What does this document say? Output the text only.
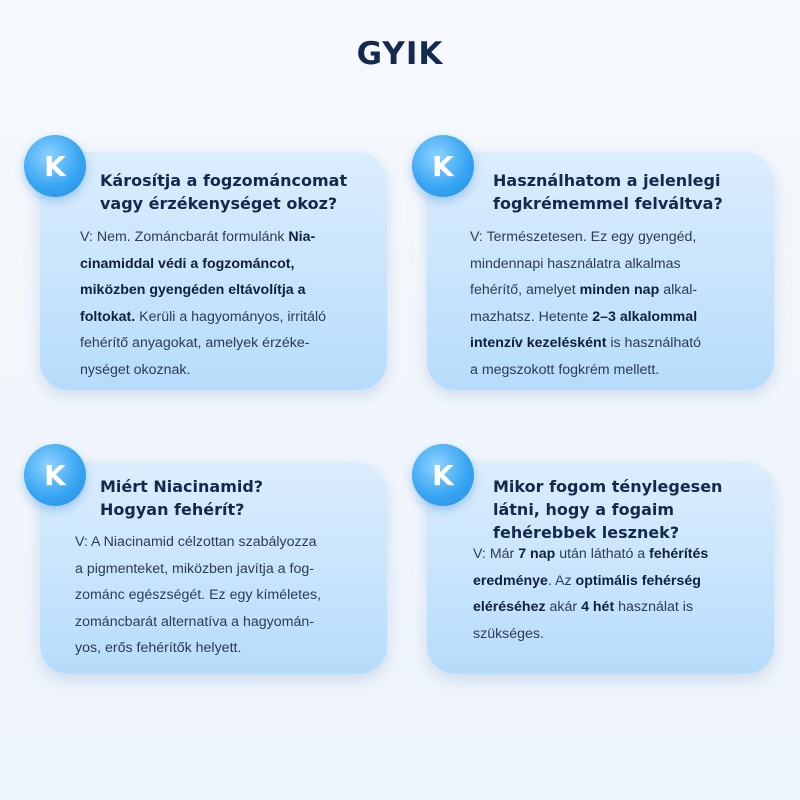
GYIK
K	Károsítja a fogzománcomat
vagy érzékenységet okoz?
V: Nem. Zománcbarát formulánk Nia-
cinamiddal védi a fogzománcot,
miközben gyengéden eltávolítja a
foltokat. Kerüli a hagyományos, irritáló
fehérítő anyagokat, amelyek érzéke-
nységet okoznak.
K	Használhatom a jelenlegi
fogkrémemmel felváltva?
V: Természetesen. Ez egy gyengéd,
mindennapi használatra alkalmas
fehérítő, amelyet minden nap alkal-
mazhatsz. Hetente 2–3 alkalommal
intenzív kezelésként is használható
a megszokott fogkrém mellett.
K	Miért Niacinamid?
Hogyan fehérít?
V: A Niacinamid célzottan szabályozza
a pigmenteket, miközben javítja a fog-
zománc egészségét. Ez egy kíméletes,
zománcbarát alternatíva a hagyomán-
yos, erős fehérítők helyett.
K	Mikor fogom ténylegesen
látni, hogy a fogaim
fehérebbek lesznek?
V: Már 7 nap után látható a fehérítés
eredménye. Az optimális fehérség
eléréséhez akár 4 hét használat is
szükséges.
